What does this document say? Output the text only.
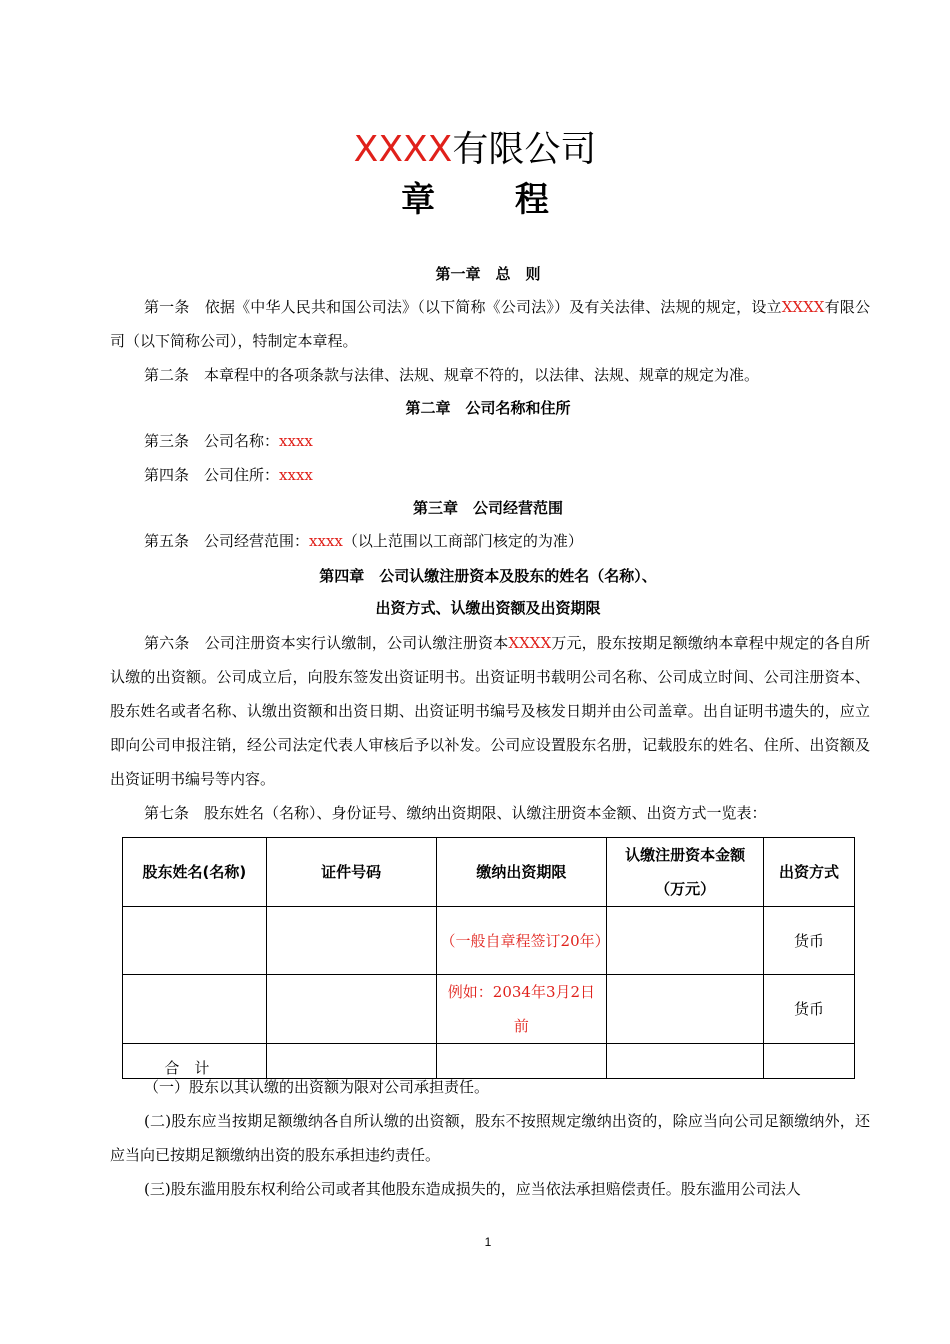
XXXX有限公司
章 程
第一章　总　则
第一条　 依据《中华人民共和国公司法》（以下简称《公司法》）及有关法律、法规的规定，设立XXXX有限公司（以下简称公司），特制定本章程。
第二条　 本章程中的各项条款与法律、法规、规章不符的，以法律、法规、规章的规定为准。
第二章　公司名称和住所
第三条　 公司名称：xxxx
第四条　 公司住所：xxxx
第三章　公司经营范围
第五条　 公司经营范围：xxxx（以上范围以工商部门核定的为准）
第四章　公司认缴注册资本及股东的姓名（名称）、
出资方式、认缴出资额及出资期限
第六条　 公司注册资本实行认缴制，公司认缴注册资本XXXX万元，股东按期足额缴纳本章程中规定的各自所认缴的出资额。公司成立后，向股东签发出资证明书。出资证明书载明公司名称、公司成立时间、公司注册资本、股东姓名或者名称、认缴出资额和出资日期、出资证明书编号及核发日期并由公司盖章。出自证明书遗失的，应立即向公司申报注销，经公司法定代表人审核后予以补发。公司应设置股东名册，记载股东的姓名、住所、出资额及出资证明书编号等内容。
第七条　 股东姓名（名称）、身份证号、缴纳出资期限、认缴注册资本金额、出资方式一览表：
股东姓名(名称)	证件号码	缴纳出资期限	认缴注册资本金额（万元）	出资方式
		（一般自章程签订20年）		货币
		例如：2034年3月2日前		货币
合计				
（一）股东以其认缴的出资额为限对公司承担责任。
(二)股东应当按期足额缴纳各自所认缴的出资额，股东不按照规定缴纳出资的，除应当向公司足额缴纳外，还应当向已按期足额缴纳出资的股东承担违约责任。
(三)股东滥用股东权利给公司或者其他股东造成损失的，应当依法承担赔偿责任。股东滥用公司法人
1
